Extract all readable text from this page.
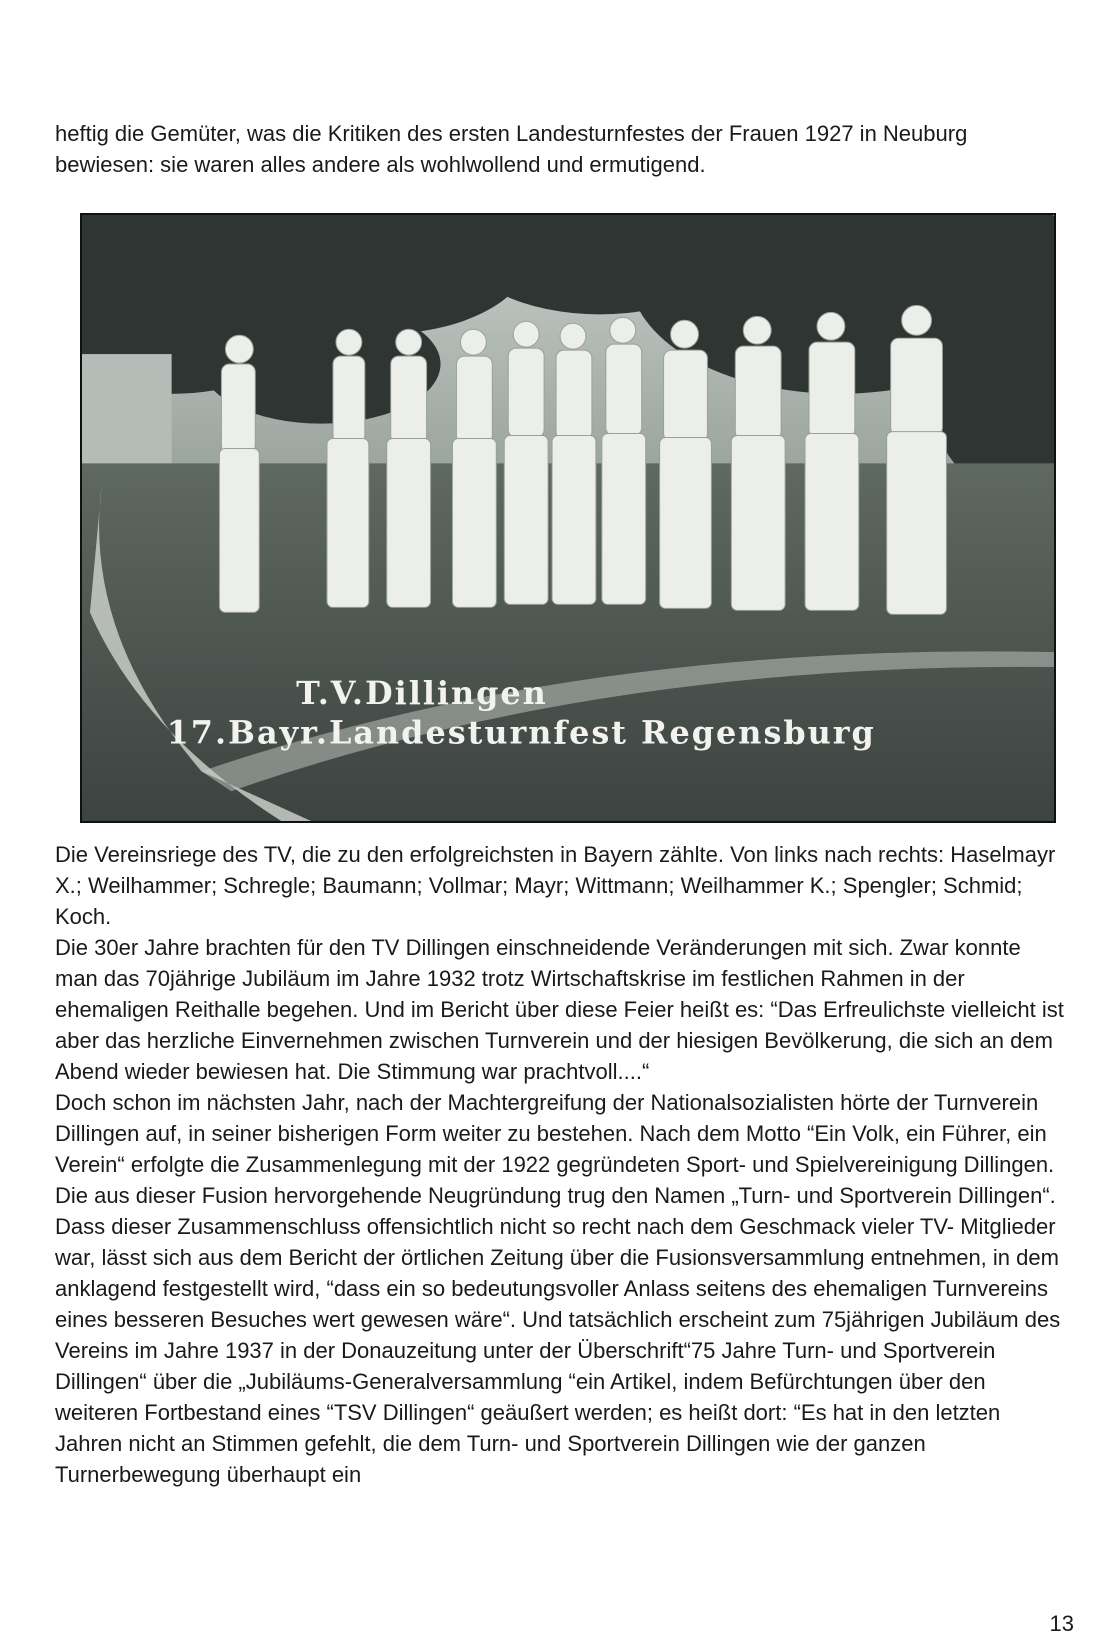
heftig die Gemüter, was die Kritiken des ersten Landesturnfestes der Frauen 1927 in Neuburg bewiesen: sie waren alles andere als wohlwollend und ermutigend.

T.V.Dillingen
17.Bayr.Landesturnfest Regensburg

Die Vereinsriege des TV, die zu den erfolgreichsten in Bayern zählte. Von links nach rechts: Haselmayr X.; Weilhammer; Schregle; Baumann; Vollmar; Mayr; Wittmann; Weilhammer K.; Spengler; Schmid; Koch.

Die 30er Jahre brachten für den TV Dillingen einschneidende Veränderungen mit sich. Zwar konnte man das 70jährige Jubiläum im Jahre 1932 trotz Wirtschaftskrise im festlichen Rahmen in der ehemaligen Reithalle begehen. Und im Bericht über diese Feier heißt es: “Das Erfreulichste vielleicht ist aber das herzliche Einvernehmen zwischen Turnverein und der hiesigen Bevölkerung, die sich an dem Abend wieder bewiesen hat. Die Stimmung war prachtvoll....“

Doch schon im nächsten Jahr, nach der Machtergreifung der Nationalsozialisten hörte der Turnverein Dillingen auf, in seiner bisherigen Form weiter zu bestehen. Nach dem Motto “Ein Volk, ein Führer, ein Verein“ erfolgte die Zusammenlegung mit der 1922 gegründeten Sport- und Spielvereinigung Dillingen. Die aus dieser Fusion hervorgehende Neugründung trug den Namen „Turn- und Sportverein Dillingen“. Dass dieser Zusammenschluss offensichtlich nicht so recht nach dem Geschmack vieler TV- Mitglieder war, lässt sich aus dem Bericht der örtlichen Zeitung über die Fusionsversammlung entnehmen, in dem anklagend festgestellt wird, “dass ein so bedeutungsvoller Anlass seitens des ehemaligen Turnvereins eines besseren Besuches wert gewesen wäre“. Und tatsächlich erscheint zum 75jährigen Jubiläum des Vereins im Jahre 1937 in der Donauzeitung unter der Überschrift“75 Jahre Turn- und Sportverein Dillingen“ über die „Jubiläums-Generalversammlung “ein Artikel, indem Befürchtungen über den weiteren Fortbestand eines “TSV Dillingen“ geäußert werden; es heißt dort: “Es hat in den letzten Jahren nicht an Stimmen gefehlt, die dem Turn- und Sportverein Dillingen wie der ganzen Turnerbewegung überhaupt ein

13
